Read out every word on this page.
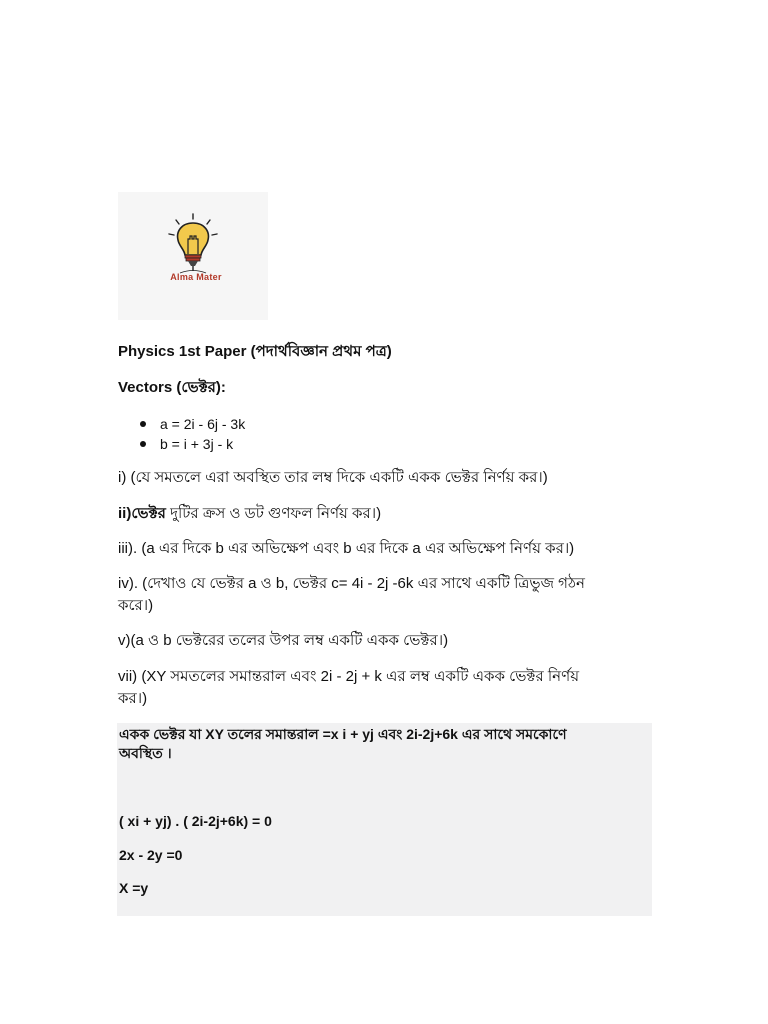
Alma Mater
Physics 1st Paper (পদার্থবিজ্ঞান প্রথম পত্র)
Vectors (ভেক্টর):
a = 2i - 6j - 3k
b = i + 3j - k
i) (যে সমতলে এরা অবস্থিত তার লম্ব দিকে একটি একক ভেক্টর নির্ণয় কর।)
ii)ভেক্টর দুটির ক্রস ও ডট গুণফল নির্ণয় কর।)
iii). (a এর দিকে b এর অভিক্ষেপ এবং b এর দিকে a এর অভিক্ষেপ নির্ণয় কর।)
iv). (দেখাও যে ভেক্টর a ও b, ভেক্টর c= 4i - 2j -6k এর সাথে একটি ত্রিভুজ গঠন
করে।)
v)(a ও b ভেক্টরের তলের উপর লম্ব একটি একক ভেক্টর।)
vii) (XY সমতলের সমান্তরাল এবং 2i - 2j + k এর লম্ব একটি একক ভেক্টর নির্ণয়
কর।)
একক ভেক্টর যা XY তলের সমান্তরাল =x i + yj এবং 2i-2j+6k এর সাথে সমকোণে
অবস্থিত ।
( xi + yj) . ( 2i-2j+6k) = 0
2x - 2y =0
X =y
